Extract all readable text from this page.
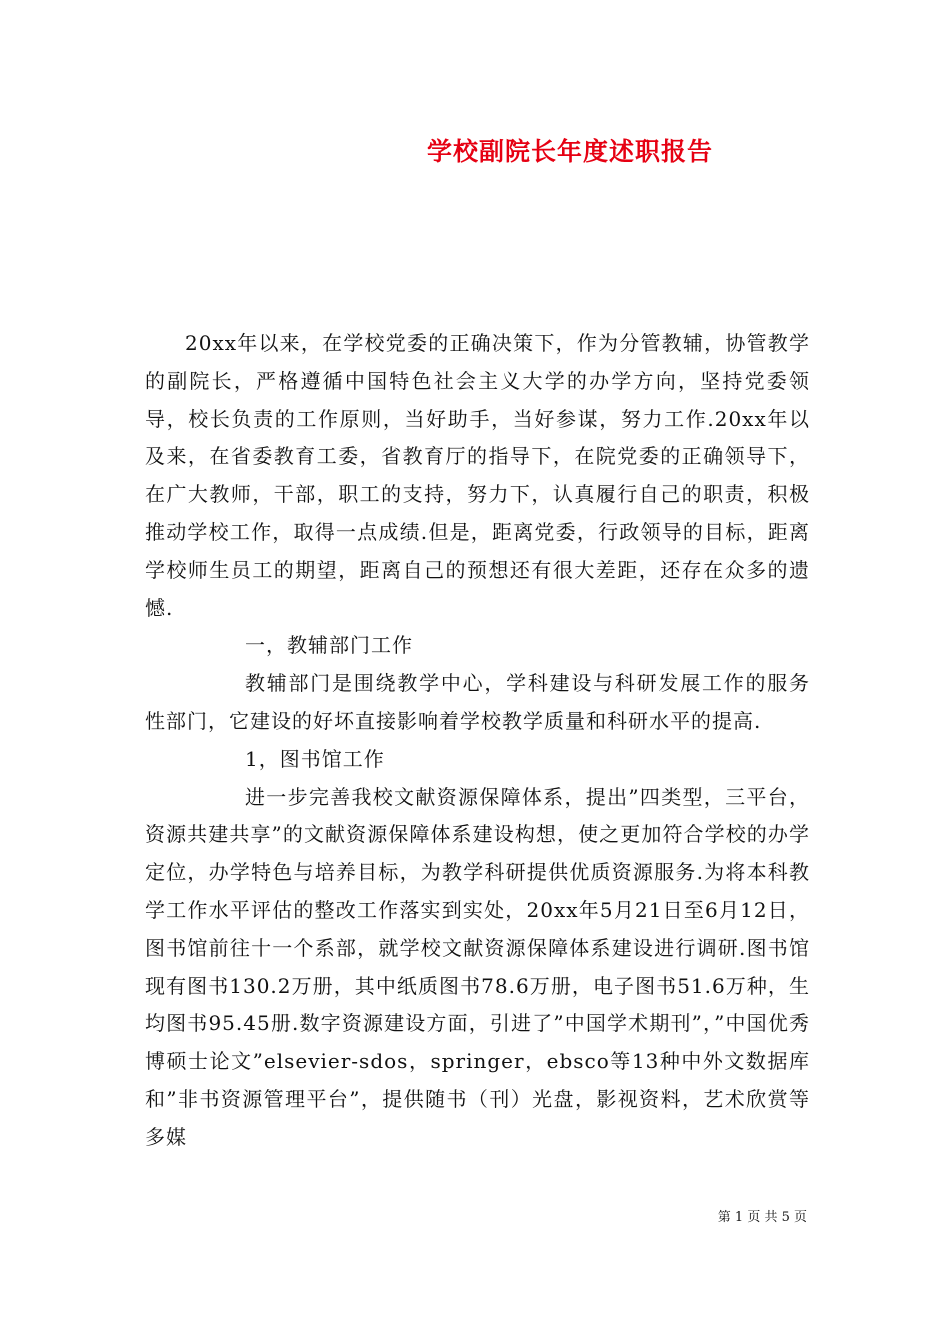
学校副院长年度述职报告

20xx年以来，在学校党委的正确决策下，作为分管教辅，协管教学的副院长，严格遵循中国特色社会主义大学的办学方向，坚持党委领导，校长负责的工作原则，当好助手，当好参谋，努力工作.20xx年以及来，在省委教育工委，省教育厅的指导下，在院党委的正确领导下，在广大教师，干部，职工的支持，努力下，认真履行自己的职责，积极推动学校工作，取得一点成绩.但是，距离党委，行政领导的目标，距离学校师生员工的期望，距离自己的预想还有很大差距，还存在众多的遗憾.

一，教辅部门工作

教辅部门是围绕教学中心，学科建设与科研发展工作的服务性部门，它建设的好坏直接影响着学校教学质量和科研水平的提高.

1，图书馆工作

进一步完善我校文献资源保障体系，提出”四类型，三平台，资源共建共享”的文献资源保障体系建设构想，使之更加符合学校的办学定位，办学特色与培养目标，为教学科研提供优质资源服务.为将本科教学工作水平评估的整改工作落实到实处，20xx年5月21日至6月12日，图书馆前往十一个系部，就学校文献资源保障体系建设进行调研.图书馆现有图书130.2万册，其中纸质图书78.6万册，电子图书51.6万种，生均图书95.45册.数字资源建设方面，引进了”中国学术期刊”，”中国优秀博硕士论文”elsevier-sdos，springer，ebsco等13种中外文数据库和”非书资源管理平台”，提供随书（刊）光盘，影视资料，艺术欣赏等多媒

第 1 页 共 5 页
